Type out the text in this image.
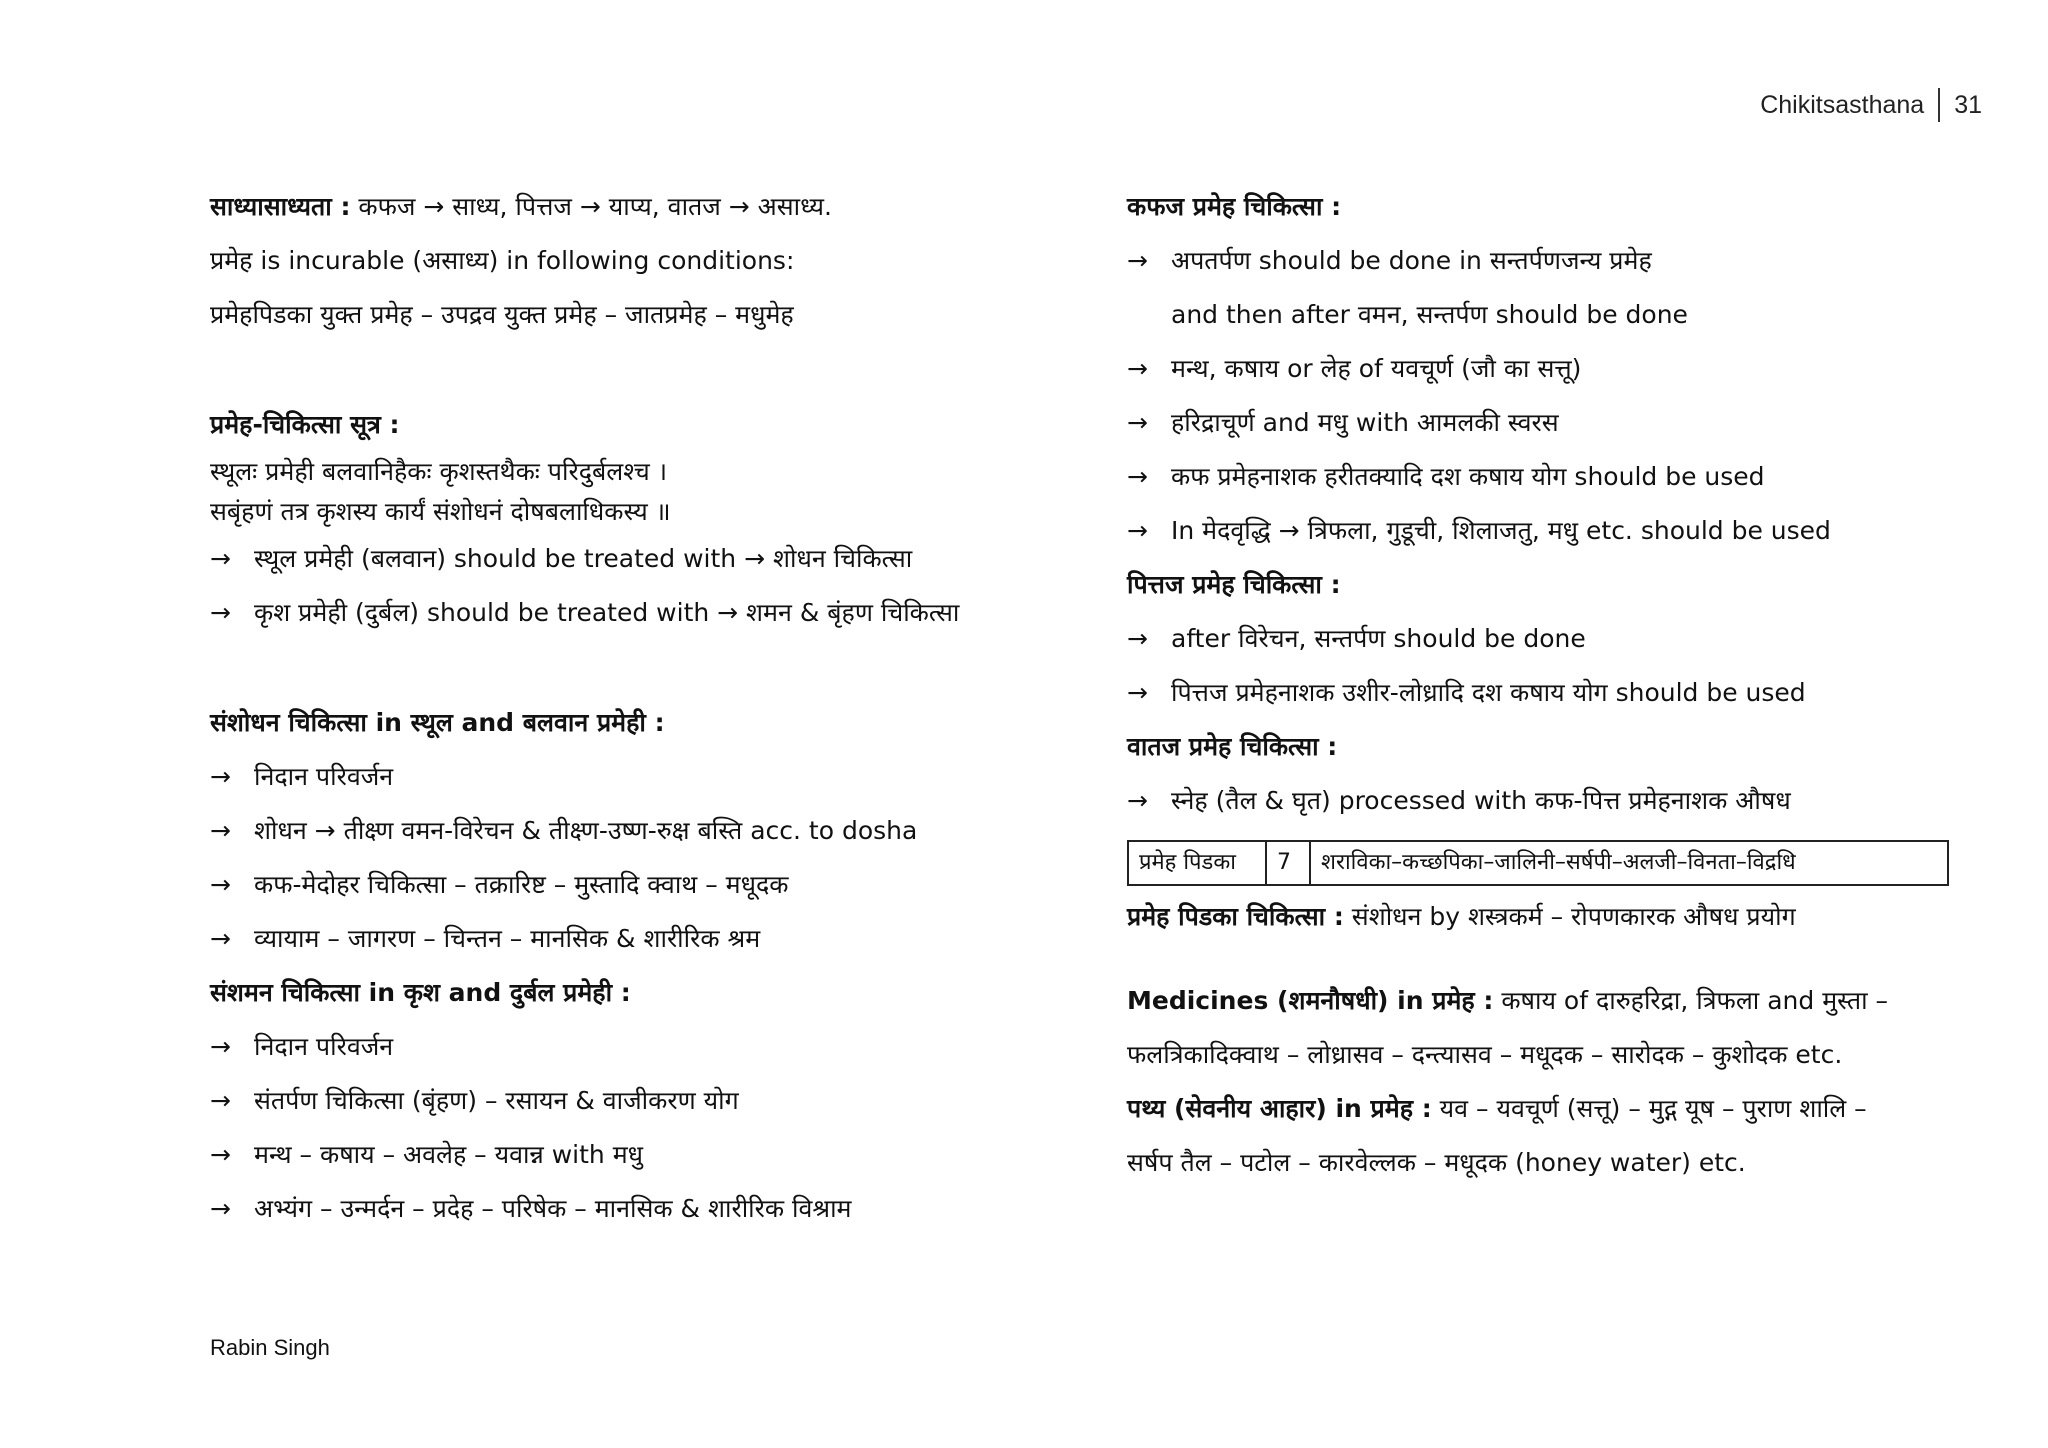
Chikitsasthana 31
साध्यासाध्यता : कफज → साध्य, पित्तज → याप्य, वातज → असाध्य.
प्रमेह is incurable (असाध्य) in following conditions:
प्रमेहपिडका युक्त प्रमेह – उपद्रव युक्त प्रमेह – जातप्रमेह – मधुमेह
प्रमेह-चिकित्सा सूत्र :
स्थूलः प्रमेही बलवानिहैकः कृशस्तथैकः परिदुर्बलश्च ।
सबृंहणं तत्र कृशस्य कार्यं संशोधनं दोषबलाधिकस्य ॥
→ स्थूल प्रमेही (बलवान) should be treated with → शोधन चिकित्सा
→ कृश प्रमेही (दुर्बल) should be treated with → शमन & बृंहण चिकित्सा
संशोधन चिकित्सा in स्थूल and बलवान प्रमेही :
→ निदान परिवर्जन
→ शोधन → तीक्ष्ण वमन-विरेचन & तीक्ष्ण-उष्ण-रुक्ष बस्ति acc. to dosha
→ कफ-मेदोहर चिकित्सा – तक्रारिष्ट – मुस्तादि क्वाथ – मधूदक
→ व्यायाम – जागरण – चिन्तन – मानसिक & शारीरिक श्रम
संशमन चिकित्सा in कृश and दुर्बल प्रमेही :
→ निदान परिवर्जन
→ संतर्पण चिकित्सा (बृंहण) – रसायन & वाजीकरण योग
→ मन्थ – कषाय – अवलेह – यवान्न with मधु
→ अभ्यंग – उन्मर्दन – प्रदेह – परिषेक – मानसिक & शारीरिक विश्राम
कफज प्रमेह चिकित्सा :
→ अपतर्पण should be done in सन्तर्पणजन्य प्रमेह
and then after वमन, सन्तर्पण should be done
→ मन्थ, कषाय or लेह of यवचूर्ण (जौ का सत्तू)
→ हरिद्राचूर्ण and मधु with आमलकी स्वरस
→ कफ प्रमेहनाशक हरीतक्यादि दश कषाय योग should be used
→ In मेदवृद्धि → त्रिफला, गुडूची, शिलाजतु, मधु etc. should be used
पित्तज प्रमेह चिकित्सा :
→ after विरेचन, सन्तर्पण should be done
→ पित्तज प्रमेहनाशक उशीर-लोध्रादि दश कषाय योग should be used
वातज प्रमेह चिकित्सा :
→ स्नेह (तैल & घृत) processed with कफ-पित्त प्रमेहनाशक औषध
प्रमेह पिडका	7	शराविका–कच्छपिका–जालिनी–सर्षपी–अलजी–विनता–विद्रधि
प्रमेह पिडका चिकित्सा : संशोधन by शस्त्रकर्म – रोपणकारक औषध प्रयोग
Medicines (शमनौषधी) in प्रमेह : कषाय of दारुहरिद्रा, त्रिफला and मुस्ता –
फलत्रिकादिक्वाथ – लोध्रासव – दन्त्यासव – मधूदक – सारोदक – कुशोदक etc.
पथ्य (सेवनीय आहार) in प्रमेह : यव – यवचूर्ण (सत्तू) – मुद्ग यूष – पुराण शालि –
सर्षप तैल – पटोल – कारवेल्लक – मधूदक (honey water) etc.
Rabin Singh
